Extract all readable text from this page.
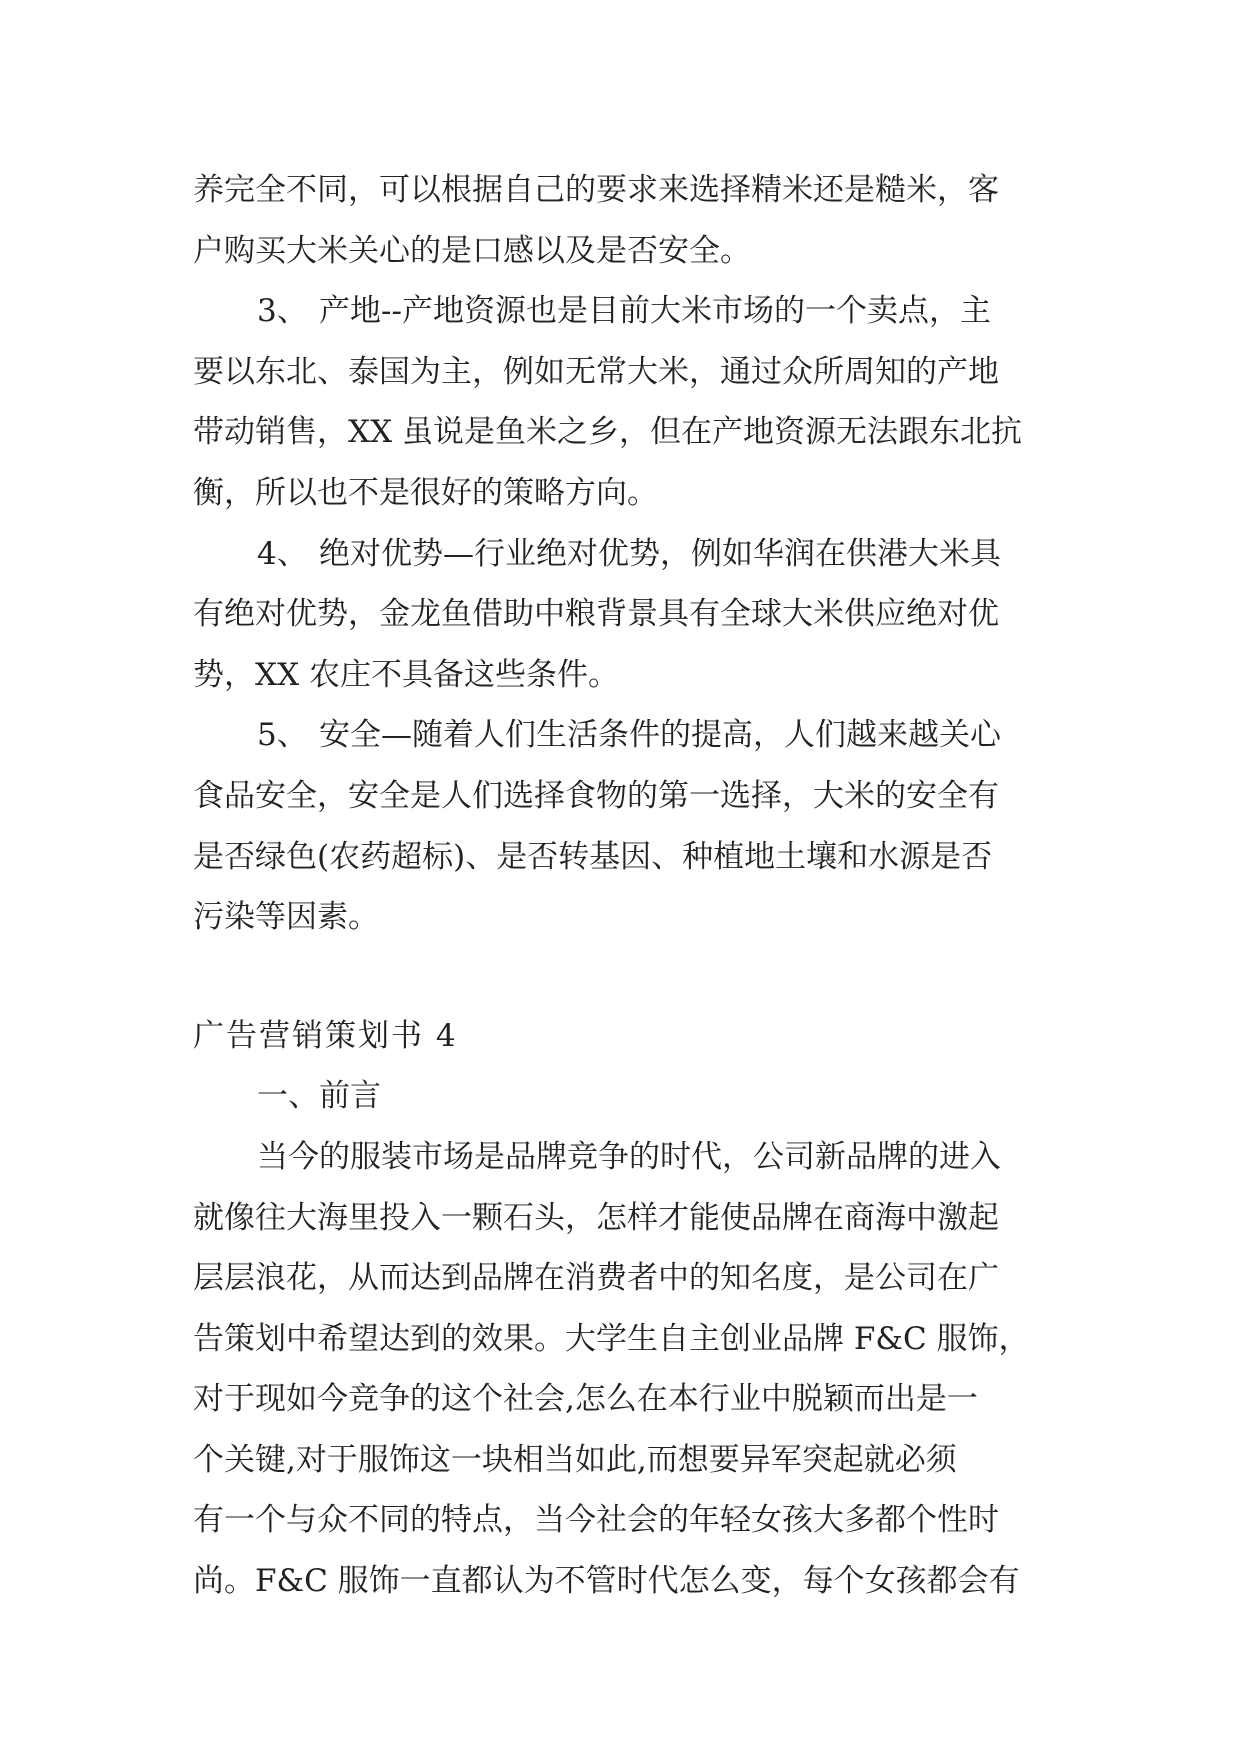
养完全不同，可以根据自己的要求来选择精米还是糙米，客
户购买大米关心的是口感以及是否安全。
3、 产地--产地资源也是目前大米市场的一个卖点，主
要以东北、泰国为主，例如无常大米，通过众所周知的产地
带动销售，XX 虽说是鱼米之乡，但在产地资源无法跟东北抗
衡，所以也不是很好的策略方向。
4、 绝对优势—行业绝对优势，例如华润在供港大米具
有绝对优势，金龙鱼借助中粮背景具有全球大米供应绝对优
势，XX 农庄不具备这些条件。
5、 安全—随着人们生活条件的提高，人们越来越关心
食品安全，安全是人们选择食物的第一选择，大米的安全有
是否绿色(农药超标)、是否转基因、种植地土壤和水源是否
污染等因素。
广告营销策划书 4
一、前言
当今的服装市场是品牌竞争的时代，公司新品牌的进入
就像往大海里投入一颗石头，怎样才能使品牌在商海中激起
层层浪花，从而达到品牌在消费者中的知名度，是公司在广
告策划中希望达到的效果。大学生自主创业品牌 F&C 服饰，
对于现如今竞争的这个社会,怎么在本行业中脱颖而出是一
个关键,对于服饰这一块相当如此,而想要异军突起就必须
有一个与众不同的特点，当今社会的年轻女孩大多都个性时
尚。F&C 服饰一直都认为不管时代怎么变，每个女孩都会有
